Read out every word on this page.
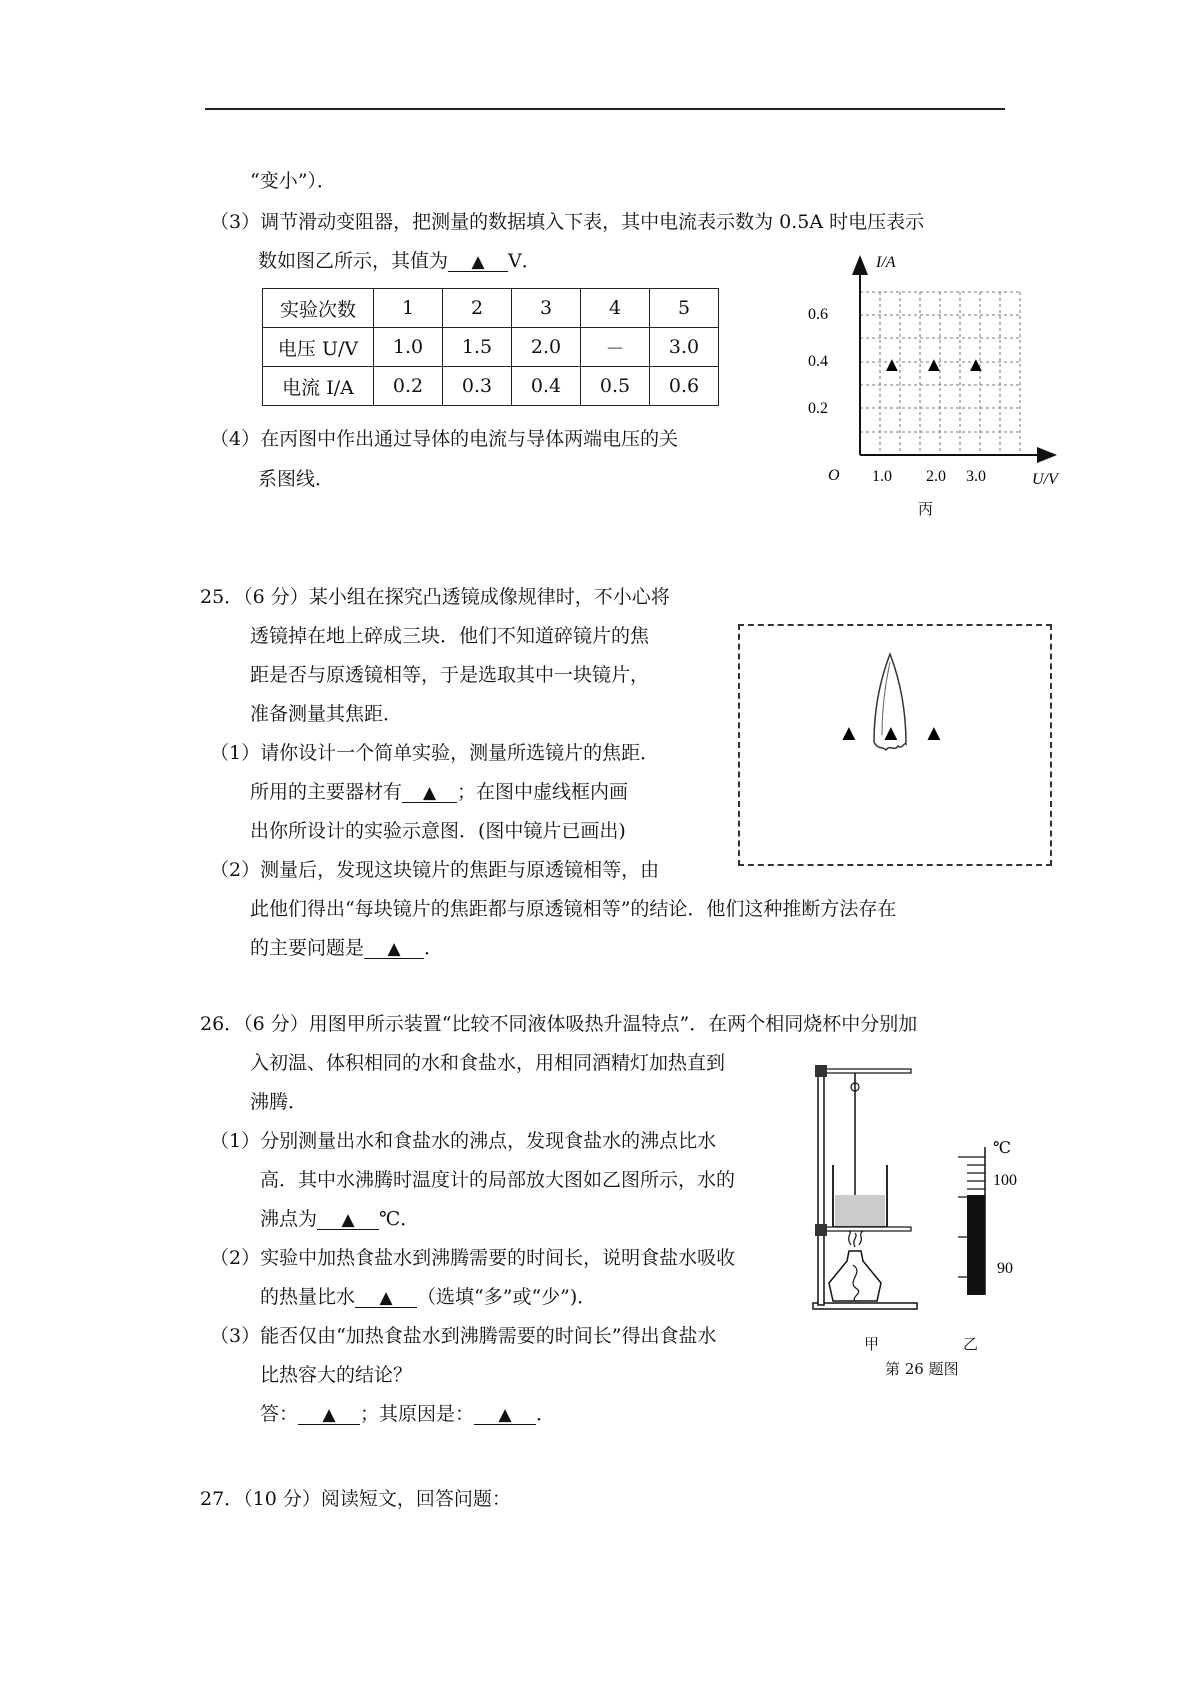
“变小”）．
（3）调节滑动变阻器，把测量的数据填入下表，其中电流表示数为 0.5A 时电压表示
数如图乙所示，其值为 ▲ V．
实验次数	1	2	3	4	5
电压 U/V	1.0	1.5	2.0	－	3.0
电流 I/A	0.2	0.3	0.4	0.5	0.6
（4）在丙图中作出通过导体的电流与导体两端电压的关
系图线．
I/A
U/V
O
0.6
0.4
0.2
1.0 2.0 3.0
▲ ▲ ▲
丙
25．（6 分）某小组在探究凸透镜成像规律时，不小心将
透镜掉在地上碎成三块．他们不知道碎镜片的焦
距是否与原透镜相等，于是选取其中一块镜片，
准备测量其焦距．
（1）请你设计一个简单实验，测量所选镜片的焦距．
所用的主要器材有 ▲ ；在图中虚线框内画
出你所设计的实验示意图．(图中镜片已画出)
（2）测量后，发现这块镜片的焦距与原透镜相等，由
此他们得出“每块镜片的焦距都与原透镜相等”的结论．他们这种推断方法存在
的主要问题是 ▲ ．
▲ ▲ ▲
26．（6 分）用图甲所示装置“比较不同液体吸热升温特点”．在两个相同烧杯中分别加
入初温、体积相同的水和食盐水，用相同酒精灯加热直到
沸腾．
（1）分别测量出水和食盐水的沸点，发现食盐水的沸点比水
高．其中水沸腾时温度计的局部放大图如乙图所示，水的
沸点为 ▲ ℃．
（2）实验中加热食盐水到沸腾需要的时间长，说明食盐水吸收
的热量比水 ▲ （选填“多”或“少”)．
（3）能否仅由“加热食盐水到沸腾需要的时间长”得出食盐水
比热容大的结论？
答： ▲ ；其原因是： ▲ ．
℃
100
90
甲	乙
第 26 题图
27．（10 分）阅读短文，回答问题：
